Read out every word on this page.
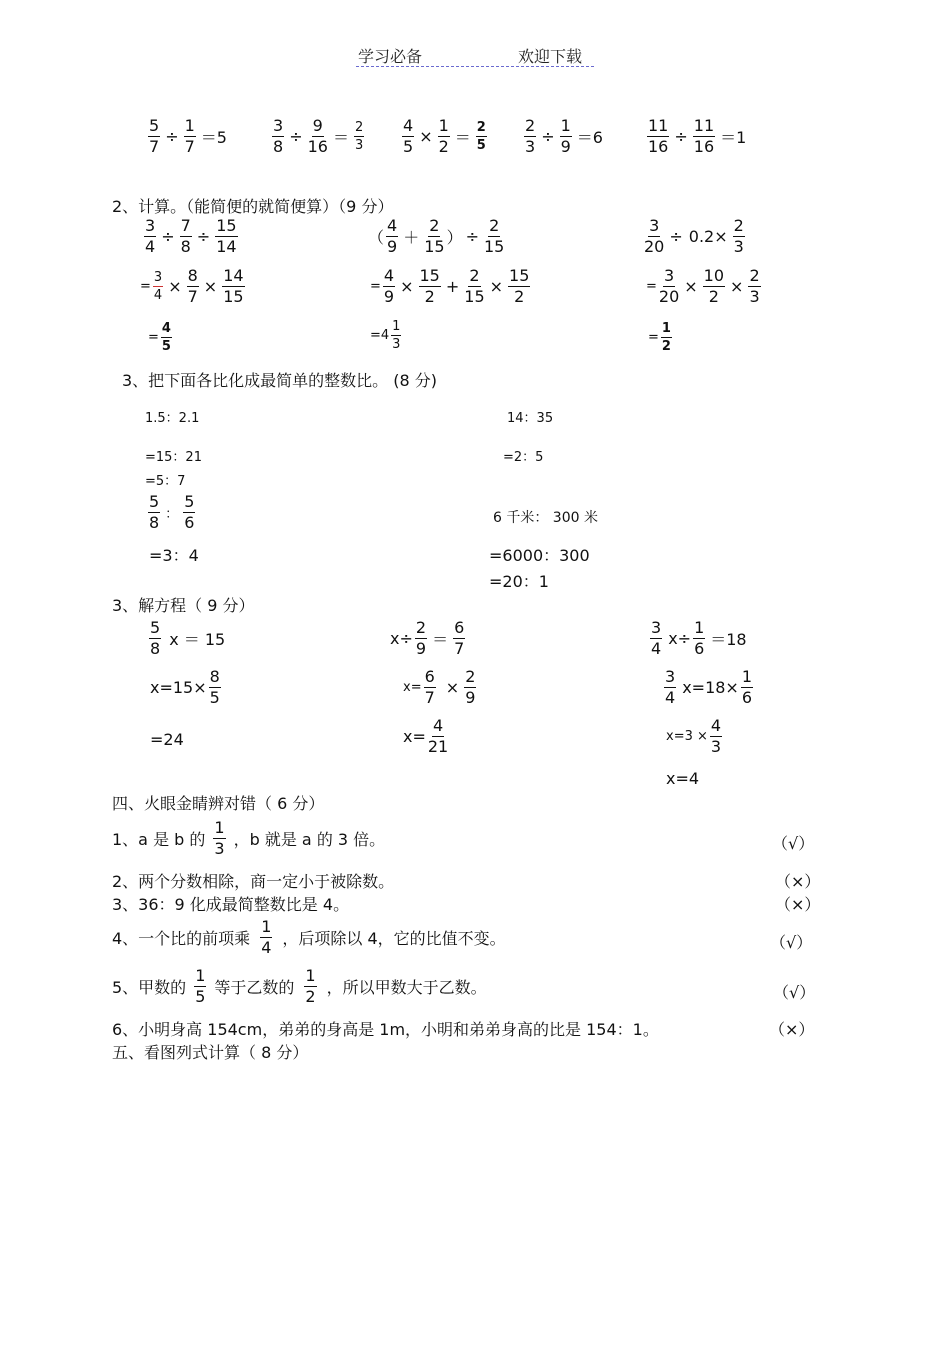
学习必备	欢迎下载
$\frac{5}{7} \div \frac{1}{7} =5$	$\frac{3}{8} \div \frac{9}{16} = \frac{2}{3} \frac{4}{5} \times \frac{1}{2} = \frac{2}{5} \frac{2}{3} \div \frac{1}{9} =6$	$\frac{11}{16} \div \frac{11}{16} =1$
2、计算。（能简便的就简便算）（9 分）
$\frac{3}{4} \div \frac{7}{8} \div \frac{15}{14}$
= $\frac{3}{4} \times \frac{8}{7} \times \frac{14}{15}$
= $\frac{4}{5}$
（ $\frac{4}{9} + \frac{2}{15}$ ） ÷ $\frac{2}{15}$
= $\frac{4}{9} \times \frac{15}{2} + \frac{2}{15} \times \frac{15}{2}$
$=4 \frac{1}{3}$
$\frac{3}{20} \div 0.2\times \frac{2}{3}$
= $\frac{3}{20} \times \frac{10}{2} \times \frac{2}{3}$
= $\frac{1}{2}$
3、把下面各比化成最简单的整数比。 (8 分)
1.5：2.1
=15：21
=5：7
14：35
=2：5
$\frac{5}{8}$ ： $\frac{5}{6}$
=3：4
6 千米： 300 米
=6000：300
=20：1
3、解方程（ 9 分）
$\frac{5}{8}$ x ＝ 15
$x=15\times \frac{8}{5}$
=24
$x\div \frac{2}{9} = \frac{6}{7}$
$x= \frac{6}{7} \times \frac{2}{9}$
$x= \frac{4}{21}$
$\frac{3}{4} x\div \frac{1}{6} =18$
$\frac{3}{4} x=18\times \frac{1}{6}$
$x=3 \times \frac{4}{3}$
x=4
四、火眼金睛辨对错（ 6 分）
1、a 是 b 的 $\frac{1}{3}$ ，b 就是 a 的 3 倍。	（√）
2、两个分数相除，商一定小于被除数。	（×）
3、36：9 化成最简整数比是 4。	（×）
4、一个比的前项乘 $\frac{1}{4}$ ，后项除以 4，它的比值不变。	（√）
5、甲数的 $\frac{1}{5}$ 等于乙数的 $\frac{1}{2}$ ，所以甲数大于乙数。	（√）
6、小明身高 154cm，弟弟的身高是 1m，小明和弟弟身高的比是 154：1。	（×）
五、看图列式计算（ 8 分）
